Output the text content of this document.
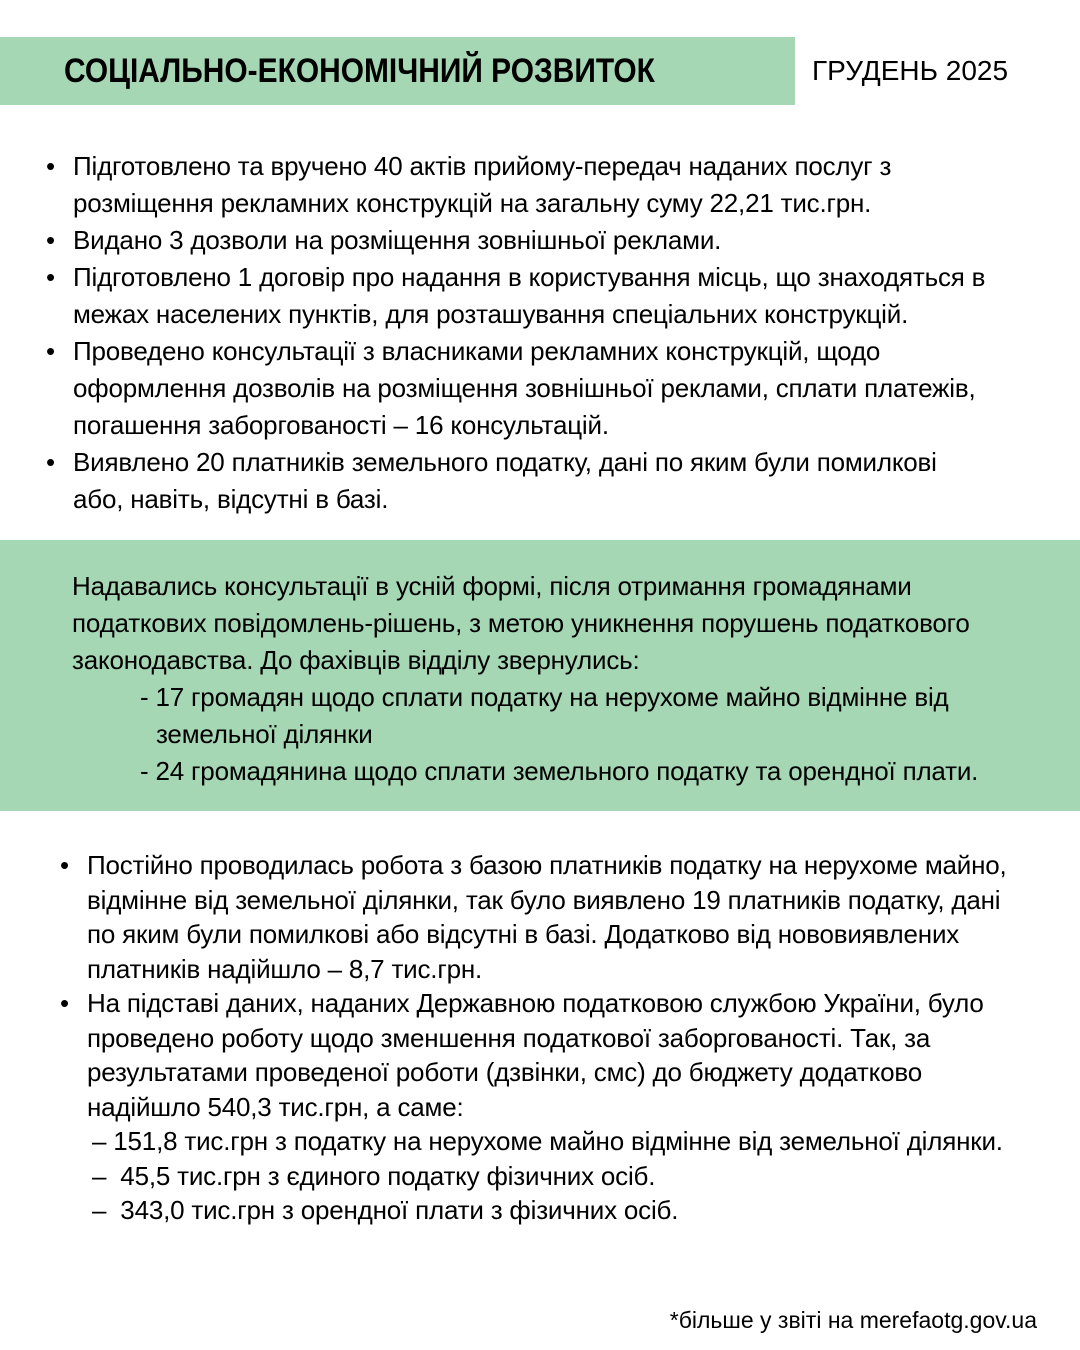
СОЦІАЛЬНО-ЕКОНОМІЧНИЙ РОЗВИТОК	ГРУДЕНЬ 2025
• Підготовлено та вручено 40 актів прийому-передач наданих послуг з розміщення рекламних конструкцій на загальну суму 22,21 тис.грн.
• Видано 3 дозволи на розміщення зовнішньої реклами.
• Підготовлено 1 договір про надання в користування місць, що знаходяться в межах населених пунктів, для розташування спеціальних конструкцій.
• Проведено консультації з власниками рекламних конструкцій, щодо оформлення дозволів на розміщення зовнішньої реклами, сплати платежів, погашення заборгованості – 16 консультацій.
• Виявлено 20 платників земельного податку, дані по яким були помилкові або, навіть, відсутні в базі.

Надавались консультації в усній формі, після отримання громадянами податкових повідомлень-рішень, з метою уникнення порушень податкового законодавства. До фахівців відділу звернулись:

- 17 громадян щодо сплати податку на нерухоме майно відмінне від земельної ділянки

- 24 громадянина щодо сплати земельного податку та орендної плати.

• Постійно проводилась робота з базою платників податку на нерухоме майно, відмінне від земельної ділянки, так було виявлено 19 платників податку, дані по яким були помилкові або відсутні в базі. Додатково від нововиявлених платників надійшло – 8,7 тис.грн.
• На підставі даних, наданих Державною податковою службою України, було проведено роботу щодо зменшення податкової заборгованості. Так, за результатами проведеної роботи (дзвінки, смс) до бюджету додатково надійшло 540,3 тис.грн, а саме:
– 151,8 тис.грн з податку на нерухоме майно відмінне від земельної ділянки.
–  45,5 тис.грн з єдиного податку фізичних осіб.
–  343,0 тис.грн з орендної плати з фізичних осіб.
*більше у звіті на merefaotg.gov.ua
